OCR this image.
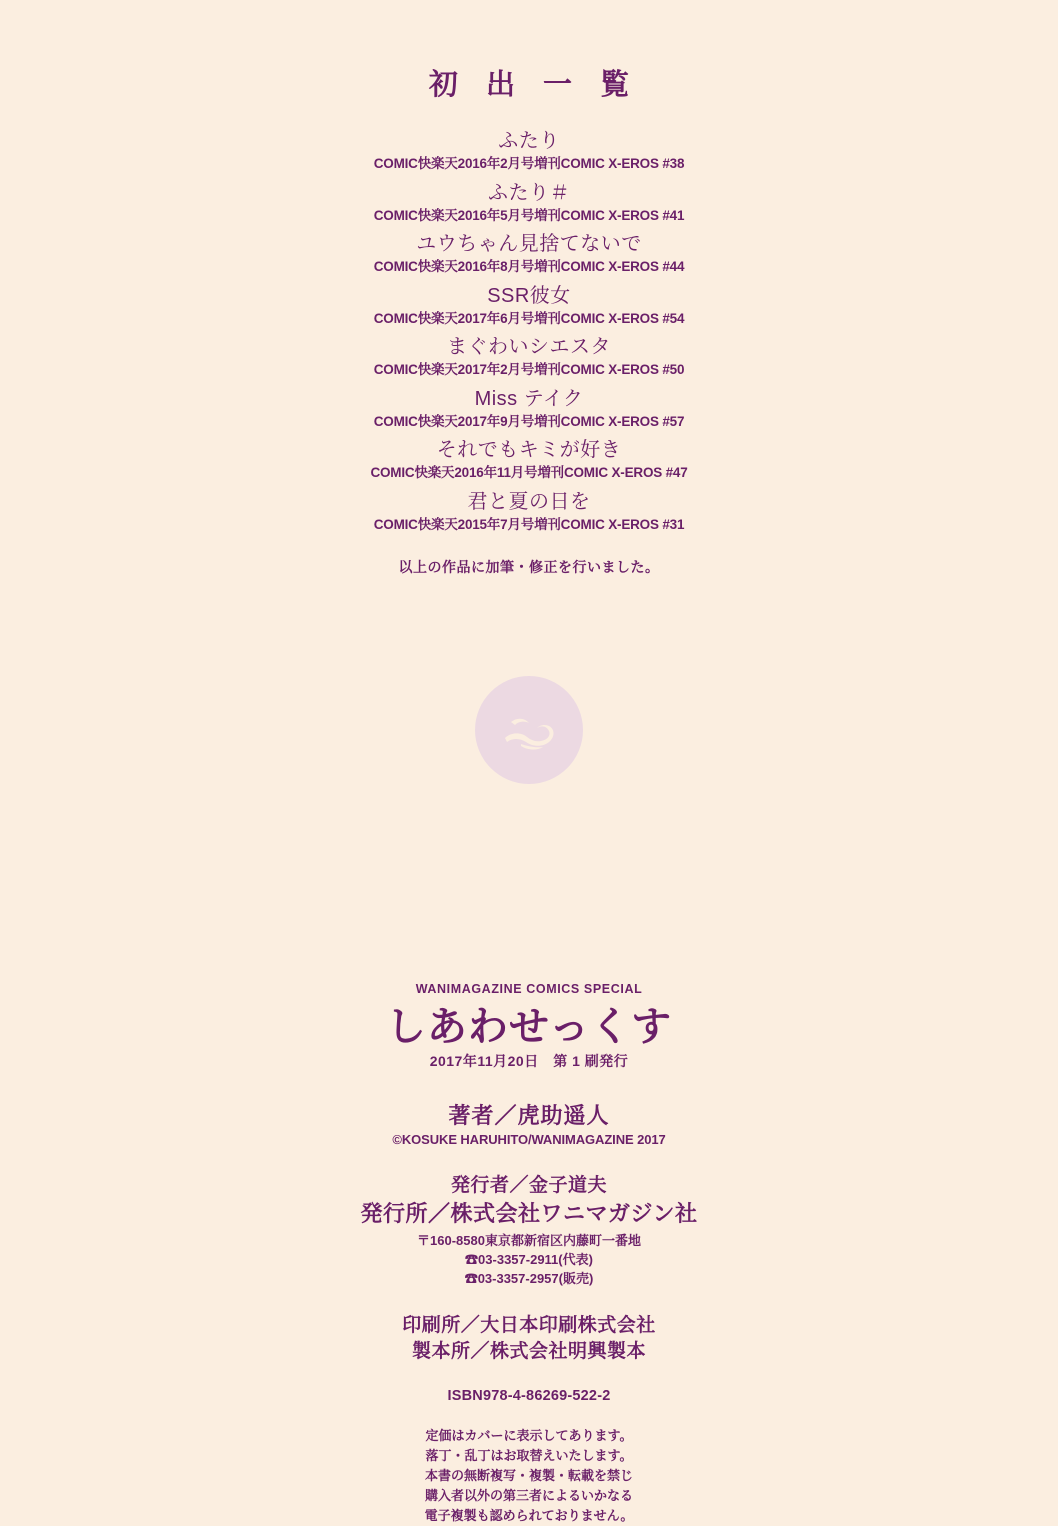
初 出 一 覧
ふたり
COMIC快楽天2016年2月号増刊COMIC X-EROS #38
ふたり＃
COMIC快楽天2016年5月号増刊COMIC X-EROS #41
ユウちゃん見捨てないで
COMIC快楽天2016年8月号増刊COMIC X-EROS #44
SSR彼女
COMIC快楽天2017年6月号増刊COMIC X-EROS #54
まぐわいシエスタ
COMIC快楽天2017年2月号増刊COMIC X-EROS #50
Miss テイク
COMIC快楽天2017年9月号増刊COMIC X-EROS #57
それでもキミが好き
COMIC快楽天2016年11月号増刊COMIC X-EROS #47
君と夏の日を
COMIC快楽天2015年7月号増刊COMIC X-EROS #31
以上の作品に加筆・修正を行いました。
WANIMAGAZINE COMICS SPECIAL
しあわせっくす
2017年11月20日　第 1 刷発行
著者／虎助遥人
©KOSUKE HARUHITO/WANIMAGAZINE 2017
発行者／金子道夫
発行所／株式会社ワニマガジン社
〒160-8580東京都新宿区内藤町一番地
☎03-3357-2911(代表)
☎03-3357-2957(販売)
印刷所／大日本印刷株式会社
製本所／株式会社明興製本
ISBN978-4-86269-522-2
定価はカバーに表示してあります。
落丁・乱丁はお取替えいたします。
本書の無断複写・複製・転載を禁じ
購入者以外の第三者によるいかなる
電子複製も認められておりません。
